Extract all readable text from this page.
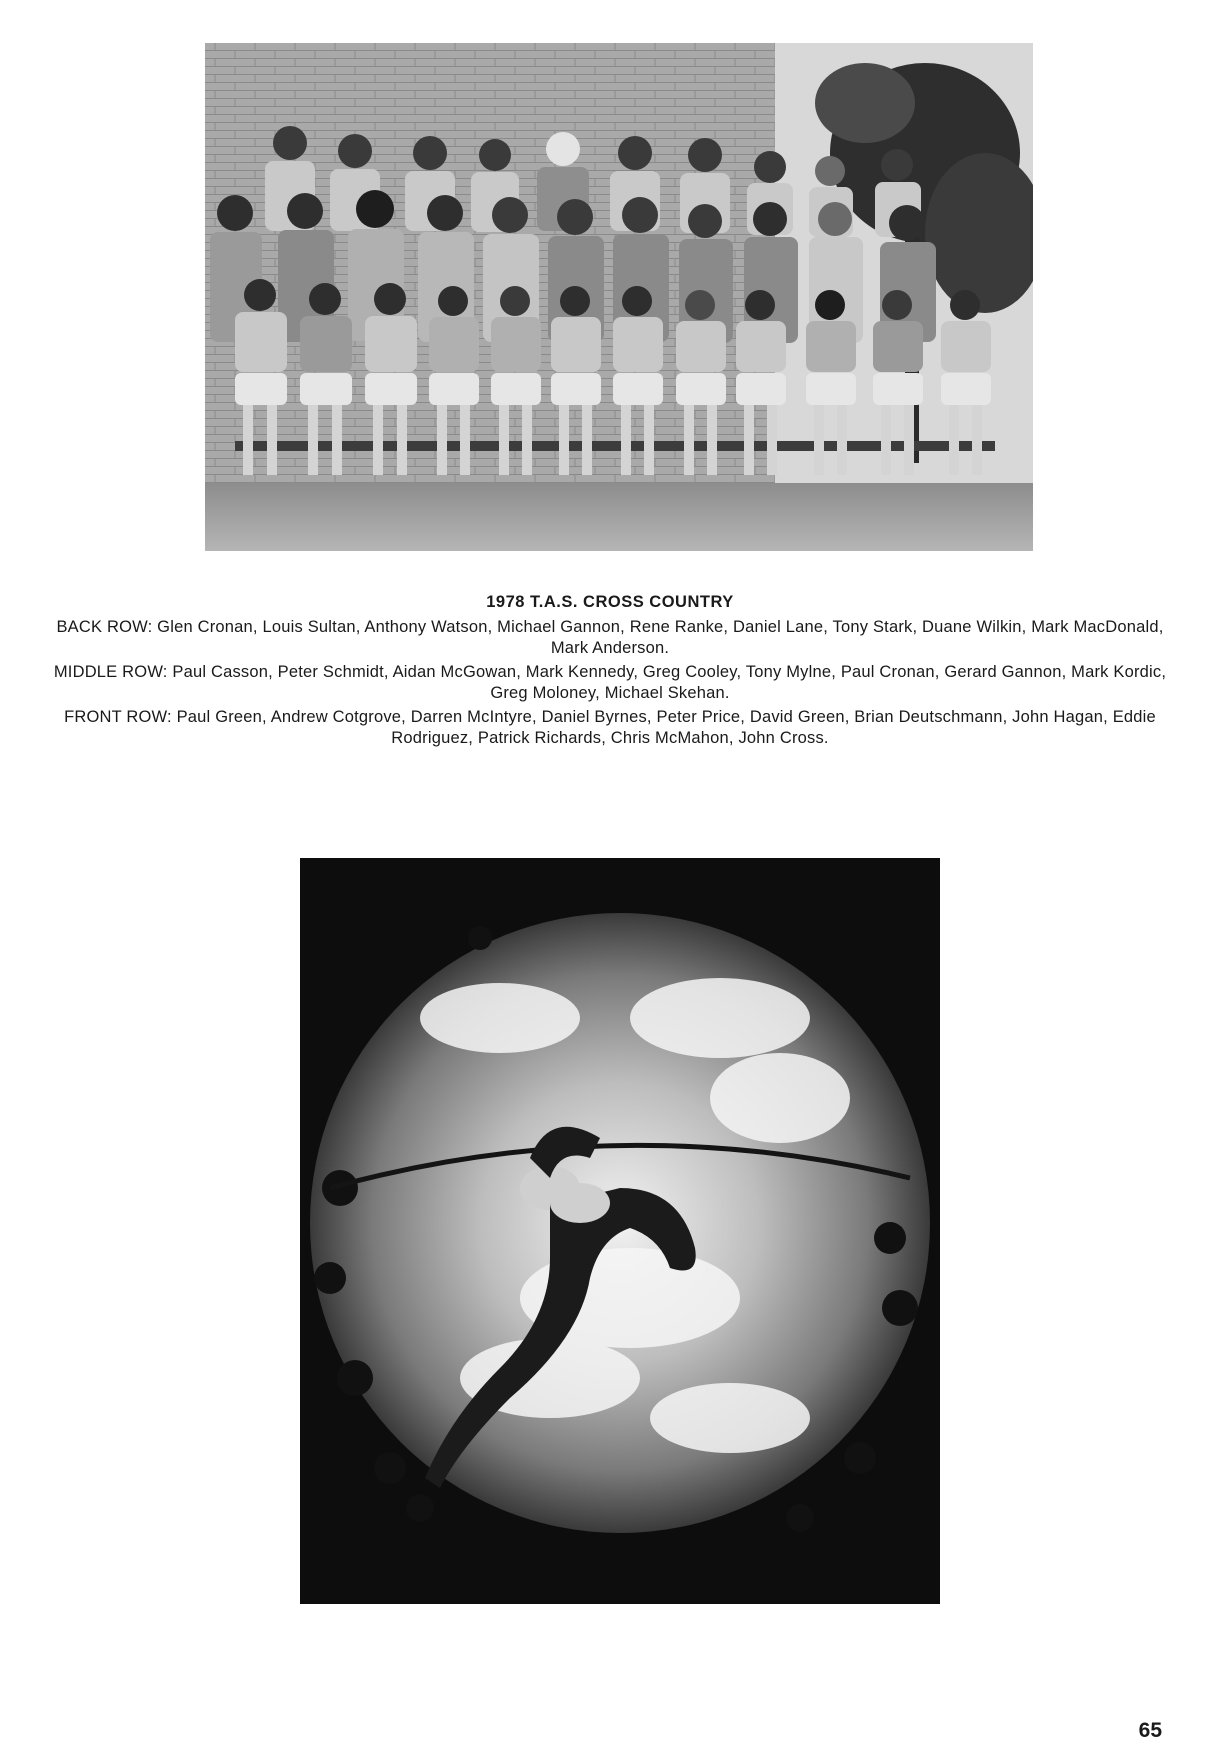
1978 T.A.S. CROSS COUNTRY
BACK ROW: Glen Cronan, Louis Sultan, Anthony Watson, Michael Gannon, Rene Ranke, Daniel Lane, Tony Stark, Duane Wilkin, Mark MacDonald, Mark Anderson.
MIDDLE ROW: Paul Casson, Peter Schmidt, Aidan McGowan, Mark Kennedy, Greg Cooley, Tony Mylne, Paul Cronan, Gerard Gannon, Mark Kordic, Greg Moloney, Michael Skehan.
FRONT ROW: Paul Green, Andrew Cotgrove, Darren McIntyre, Daniel Byrnes, Peter Price, David Green, Brian Deutschmann, John Hagan, Eddie Rodriguez, Patrick Richards, Chris McMahon, John Cross.
65
